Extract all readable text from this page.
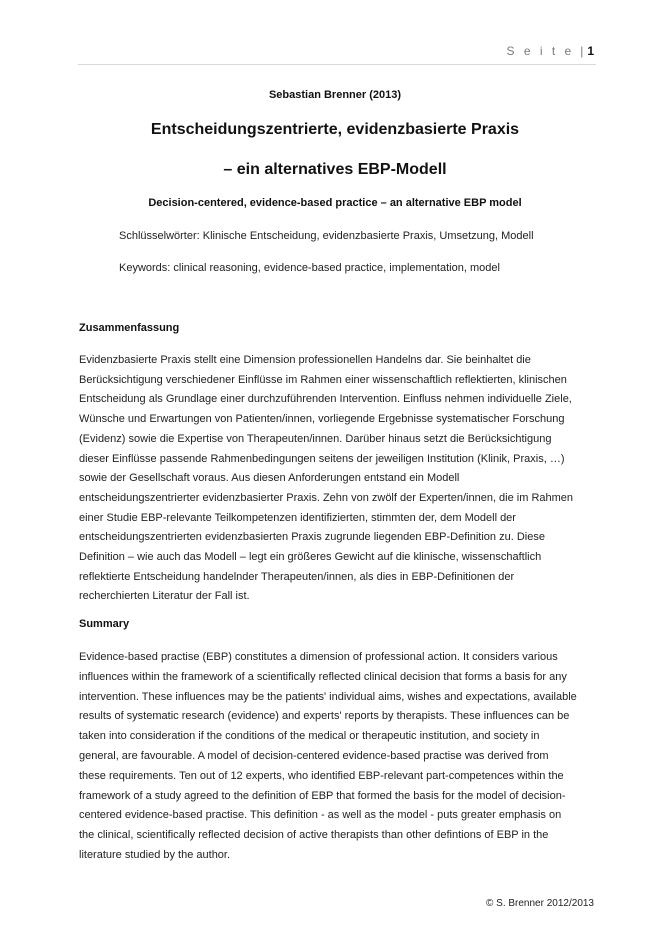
S e i t e | 1
Sebastian Brenner (2013)
Entscheidungszentrierte, evidenzbasierte Praxis
– ein alternatives EBP-Modell
Decision-centered, evidence-based practice – an alternative EBP model
Schlüsselwörter: Klinische Entscheidung, evidenzbasierte Praxis, Umsetzung, Modell
Keywords: clinical reasoning, evidence-based practice, implementation, model
Zusammenfassung

Evidenzbasierte Praxis stellt eine Dimension professionellen Handelns dar. Sie beinhaltet die
Berücksichtigung verschiedener Einflüsse im Rahmen einer wissenschaftlich reflektierten, klinischen
Entscheidung als Grundlage einer durchzuführenden Intervention. Einfluss nehmen individuelle Ziele,
Wünsche und Erwartungen von Patienten/innen, vorliegende Ergebnisse systematischer Forschung
(Evidenz) sowie die Expertise von Therapeuten/innen. Darüber hinaus setzt die Berücksichtigung
dieser Einflüsse passende Rahmenbedingungen seitens der jeweiligen Institution (Klinik, Praxis, …)
sowie der Gesellschaft voraus. Aus diesen Anforderungen entstand ein Modell
entscheidungszentrierter evidenzbasierter Praxis. Zehn von zwölf der Experten/innen, die im Rahmen
einer Studie EBP-relevante Teilkompetenzen identifizierten, stimmten der, dem Modell der
entscheidungszentrierten evidenzbasierten Praxis zugrunde liegenden EBP-Definition zu. Diese
Definition – wie auch das Modell – legt ein größeres Gewicht auf die klinische, wissenschaftlich
reflektierte Entscheidung handelnder Therapeuten/innen, als dies in EBP-Definitionen der
recherchierten Literatur der Fall ist.

Summary

Evidence-based practise (EBP) constitutes a dimension of professional action. It considers various
influences within the framework of a scientifically reflected clinical decision that forms a basis for any
intervention. These influences may be the patients' individual aims, wishes and expectations, available
results of systematic research (evidence) and experts' reports by therapists. These influences can be
taken into consideration if the conditions of the medical or therapeutic institution, and society in
general, are favourable. A model of decision-centered evidence-based practise was derived from
these requirements. Ten out of 12 experts, who identified EBP-relevant part-competences within the
framework of a study agreed to the definition of EBP that formed the basis for the model of decision-
centered evidence-based practise. This definition - as well as the model - puts greater emphasis on
the clinical, scientifically reflected decision of active therapists than other defintions of EBP in the
literature studied by the author.

© S. Brenner 2012/2013
